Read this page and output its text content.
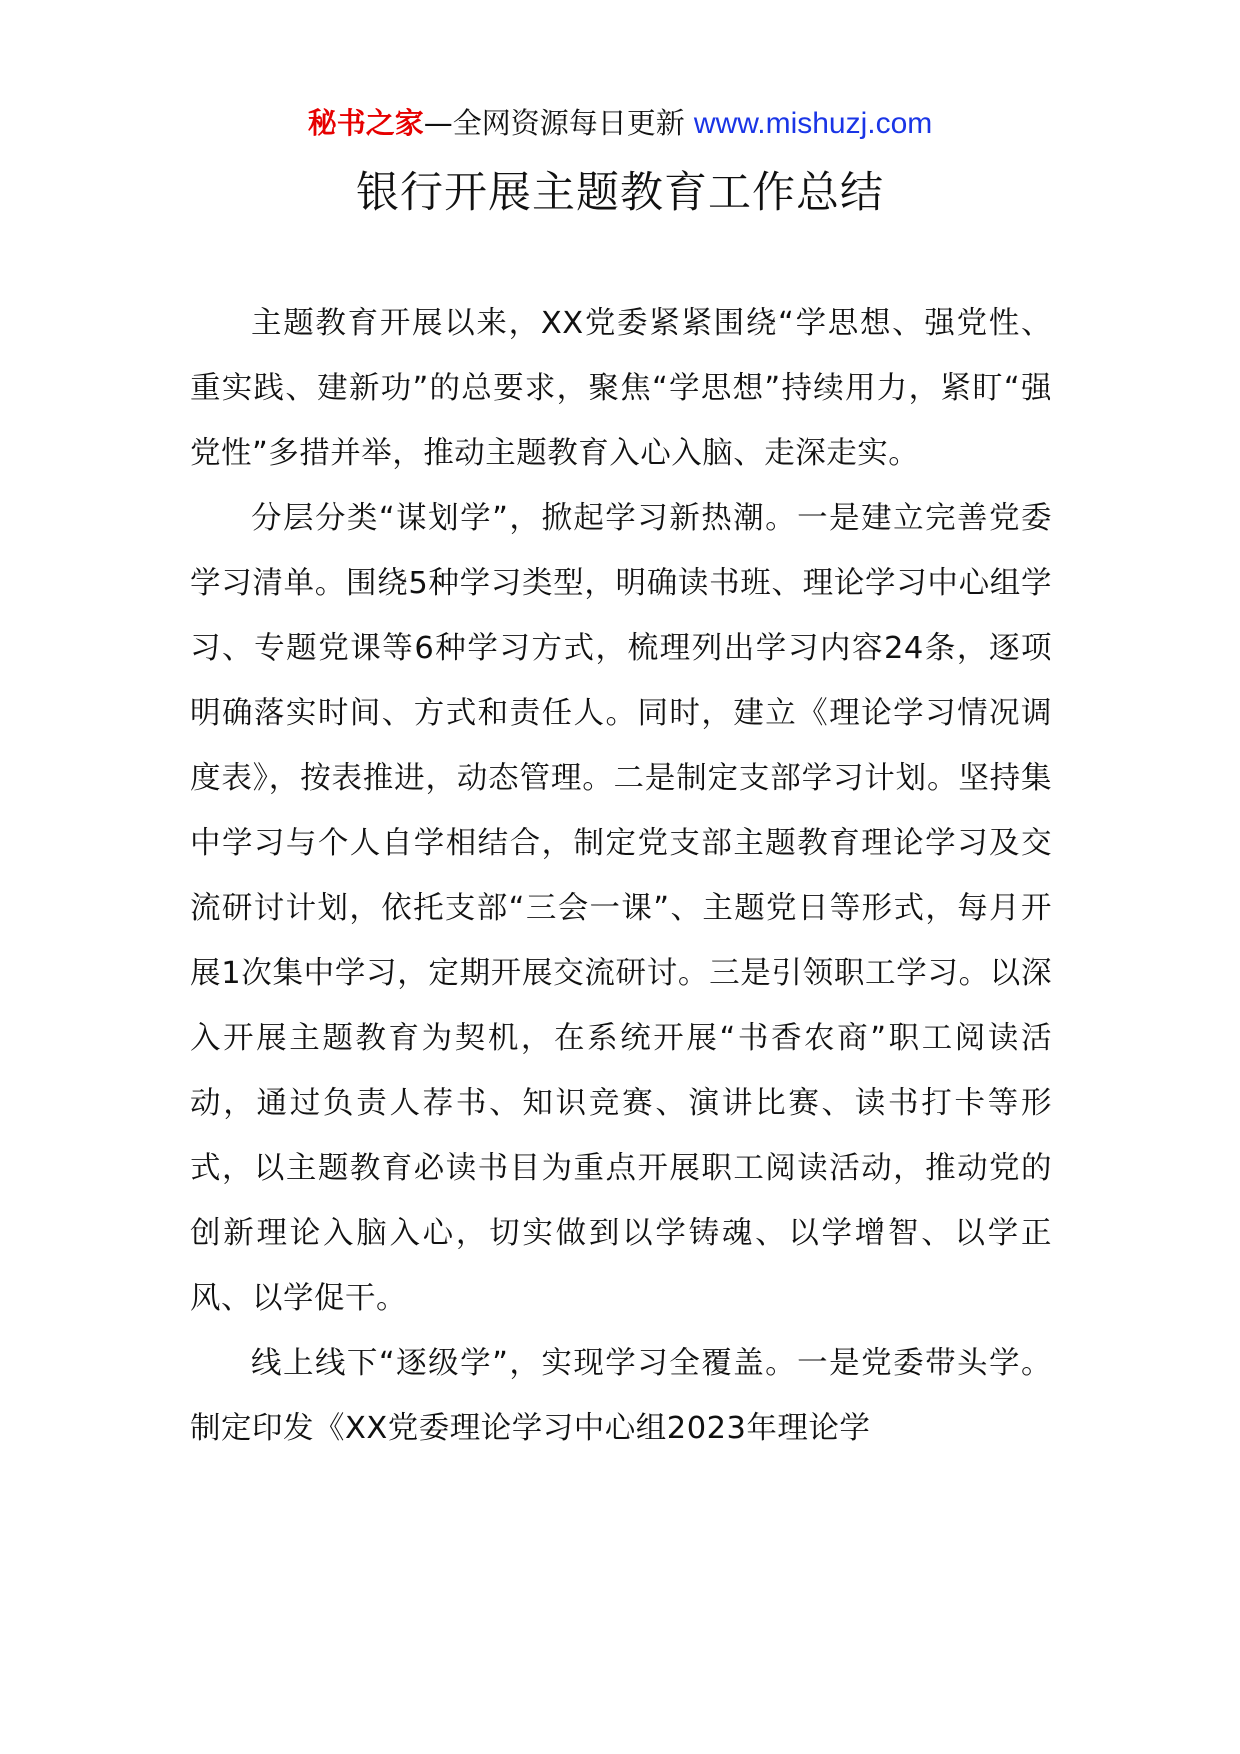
秘书之家—全网资源每日更新 www.mishuzj.com
银行开展主题教育工作总结

主题教育开展以来，XX党委紧紧围绕“学思想、强党性、重实践、建新功”的总要求，聚焦“学思想”持续用力，紧盯“强党性”多措并举，推动主题教育入心入脑、走深走实。

分层分类“谋划学”，掀起学习新热潮。一是建立完善党委学习清单。围绕5种学习类型，明确读书班、理论学习中心组学习、专题党课等6种学习方式，梳理列出学习内容24条，逐项明确落实时间、方式和责任人。同时，建立《理论学习情况调度表》，按表推进，动态管理。二是制定支部学习计划。坚持集中学习与个人自学相结合，制定党支部主题教育理论学习及交流研讨计划，依托支部“三会一课”、主题党日等形式，每月开展1次集中学习，定期开展交流研讨。三是引领职工学习。以深入开展主题教育为契机，在系统开展“书香农商”职工阅读活动，通过负责人荐书、知识竞赛、演讲比赛、读书打卡等形式，以主题教育必读书目为重点开展职工阅读活动，推动党的创新理论入脑入心，切实做到以学铸魂、以学增智、以学正风、以学促干。

线上线下“逐级学”，实现学习全覆盖。一是党委带头学。制定印发《XX党委理论学习中心组2023年理论学
